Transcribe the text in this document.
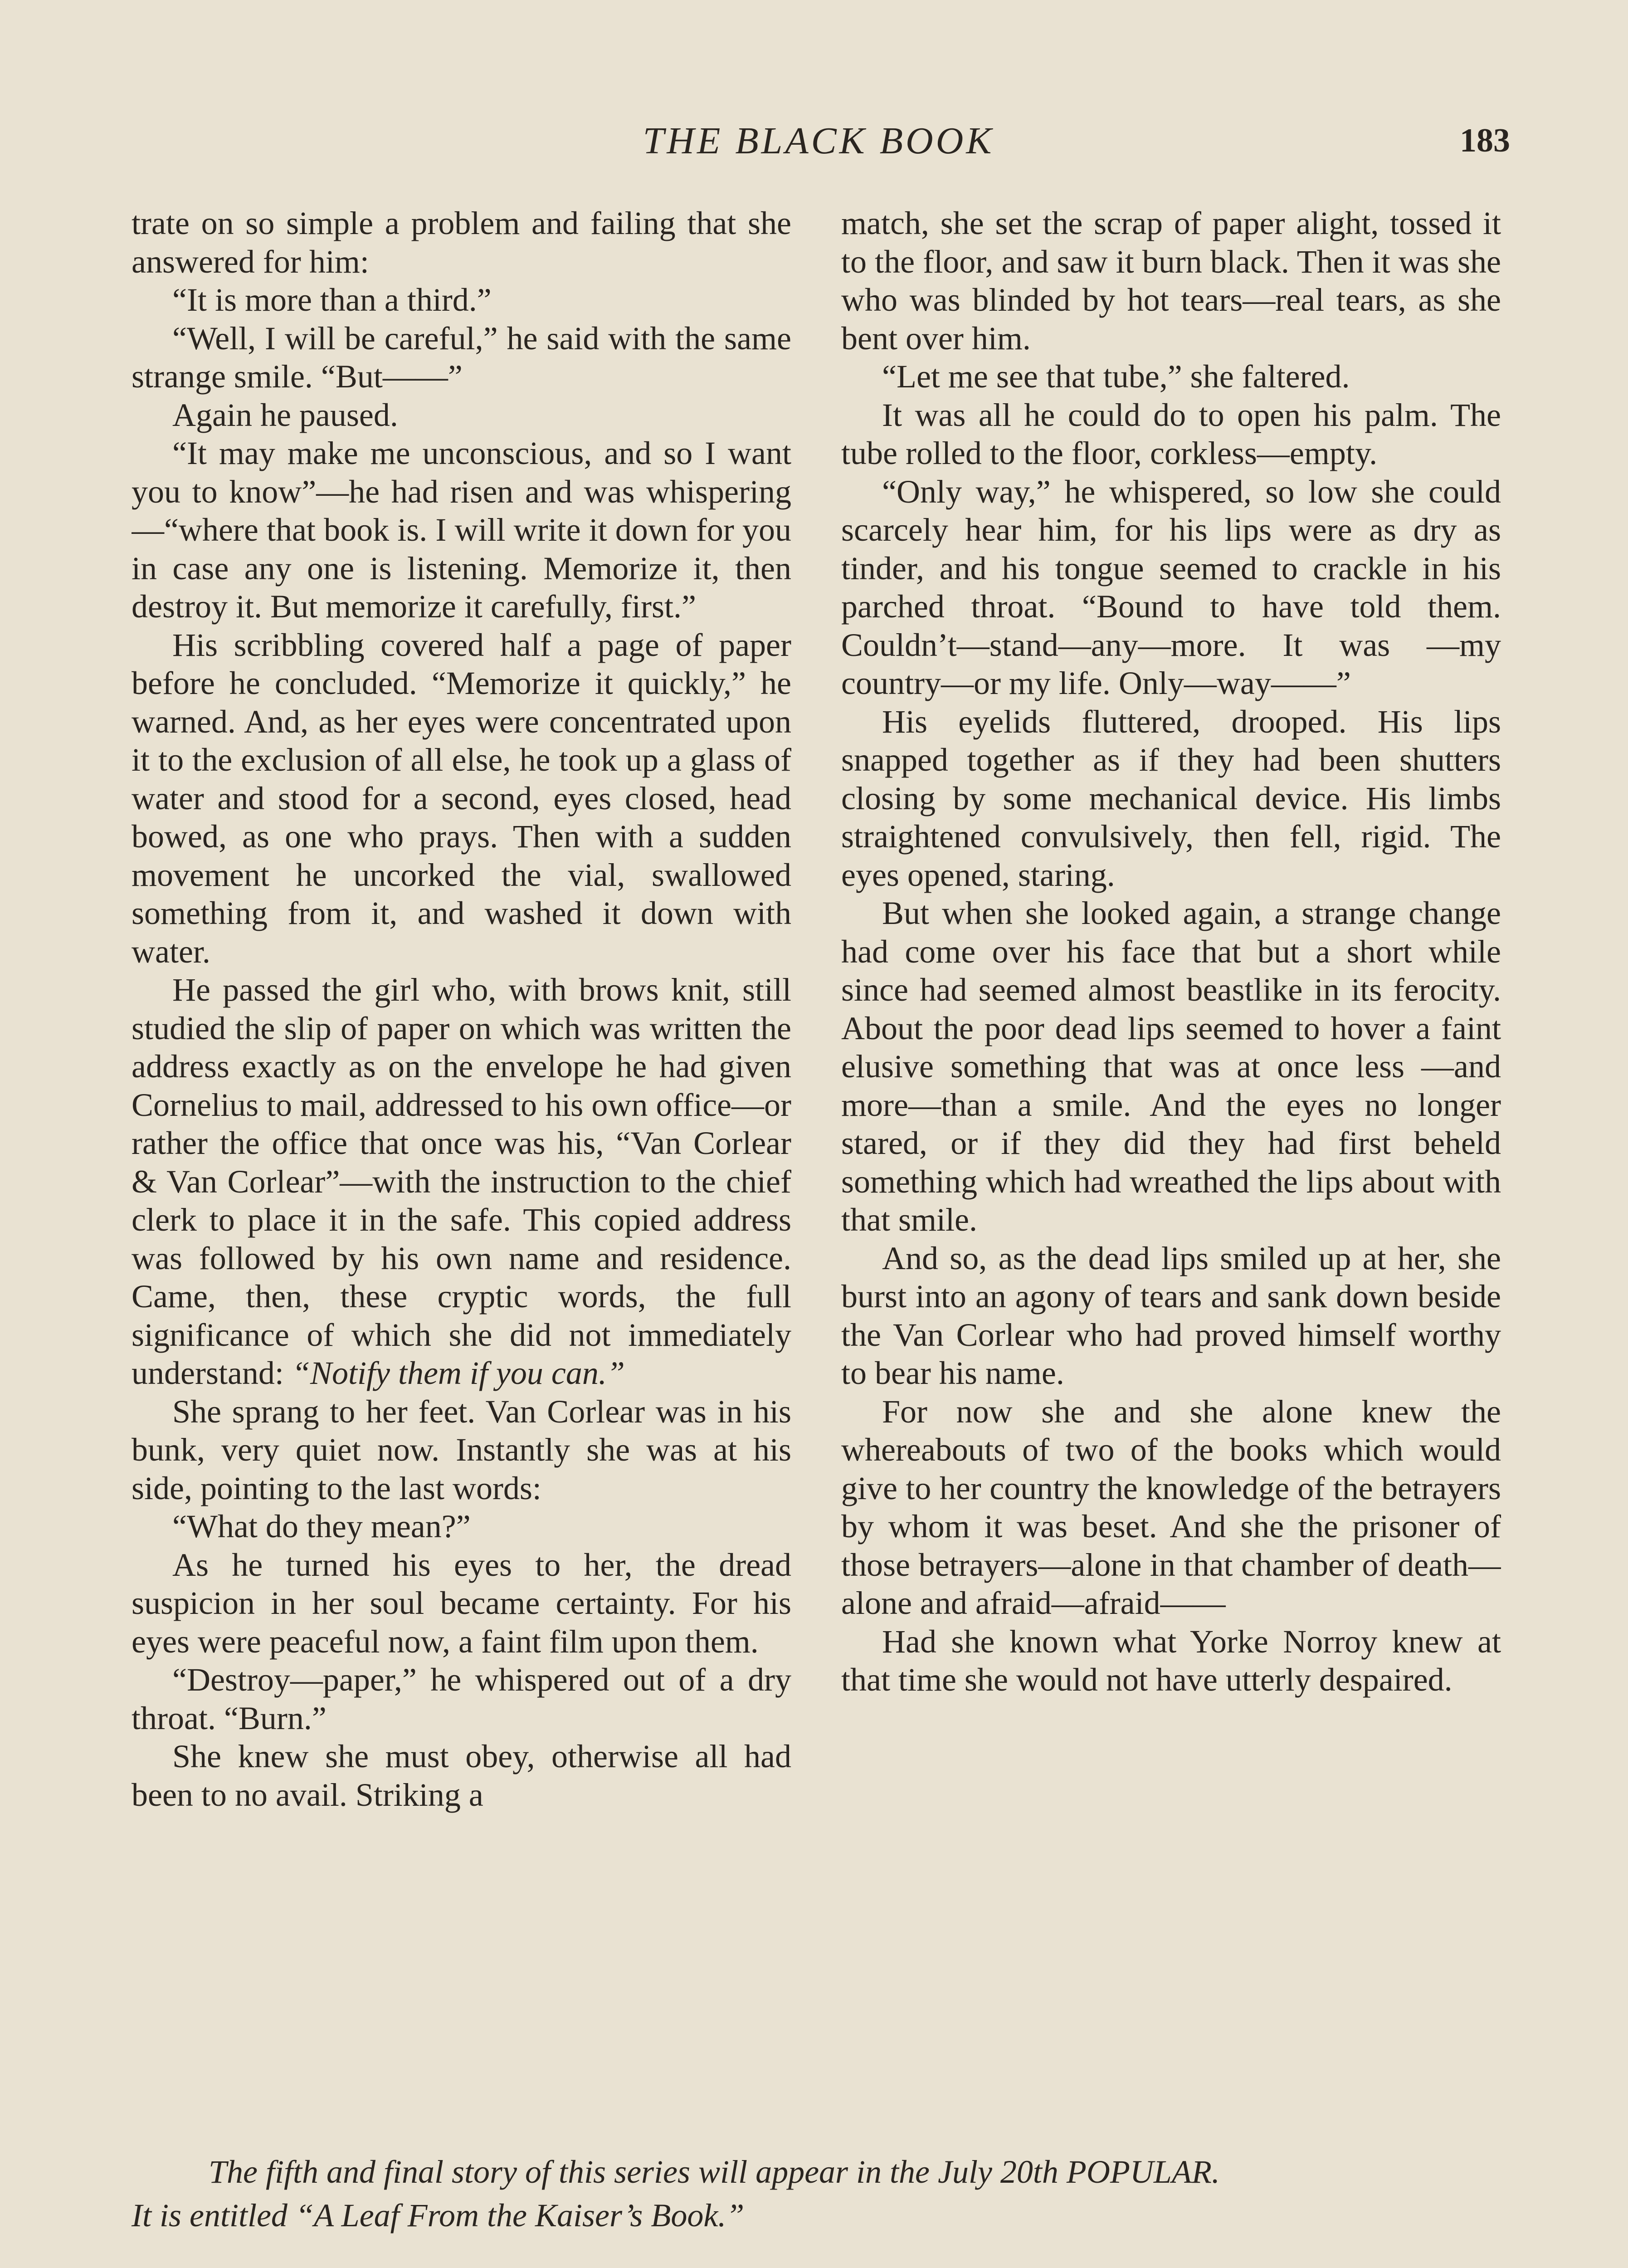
THE BLACK BOOK	183

trate on so simple a problem and failing that she answered for him:

“It is more than a third.”

“Well, I will be careful,” he said with the same strange smile. “But——”

Again he paused.

“It may make me unconscious, and so I want you to know”—he had risen and was whispering—“where that book is. I will write it down for you in case any one is listening. Memorize it, then destroy it. But memorize it carefully, first.”

His scribbling covered half a page of paper before he concluded. “Memorize it quickly,” he warned. And, as her eyes were concentrated upon it to the exclusion of all else, he took up a glass of water and stood for a second, eyes closed, head bowed, as one who prays. Then with a sudden movement he uncorked the vial, swallowed something from it, and washed it down with water.

He passed the girl who, with brows knit, still studied the slip of paper on which was written the address exactly as on the envelope he had given Cornelius to mail, addressed to his own office—or rather the office that once was his, “Van Corlear & Van Corlear”—with the instruction to the chief clerk to place it in the safe. This copied address was followed by his own name and residence. Came, then, these cryptic words, the full significance of which she did not immediately understand: “Notify them if you can.”

She sprang to her feet. Van Corlear was in his bunk, very quiet now. Instantly she was at his side, pointing to the last words:

“What do they mean?”

As he turned his eyes to her, the dread suspicion in her soul became certainty. For his eyes were peaceful now, a faint film upon them.

“Destroy—paper,” he whispered out of a dry throat. “Burn.”

She knew she must obey, otherwise all had been to no avail. Striking a

match, she set the scrap of paper alight, tossed it to the floor, and saw it burn black. Then it was she who was blinded by hot tears—real tears, as she bent over him.

“Let me see that tube,” she faltered.

It was all he could do to open his palm. The tube rolled to the floor, corkless—empty.

“Only way,” he whispered, so low she could scarcely hear him, for his lips were as dry as tinder, and his tongue seemed to crackle in his parched throat. “Bound to have told them. Couldn’t—stand—any—more. It was —my country—or my life. Only—way——”

His eyelids fluttered, drooped. His lips snapped together as if they had been shutters closing by some mechanical device. His limbs straightened convulsively, then fell, rigid. The eyes opened, staring.

But when she looked again, a strange change had come over his face that but a short while since had seemed almost beastlike in its ferocity. About the poor dead lips seemed to hover a faint elusive something that was at once less —and more—than a smile. And the eyes no longer stared, or if they did they had first beheld something which had wreathed the lips about with that smile.

And so, as the dead lips smiled up at her, she burst into an agony of tears and sank down beside the Van Corlear who had proved himself worthy to bear his name.

For now she and she alone knew the whereabouts of two of the books which would give to her country the knowledge of the betrayers by whom it was beset. And she the prisoner of those betrayers—alone in that chamber of death—alone and afraid—afraid——

Had she known what Yorke Norroy knew at that time she would not have utterly despaired.

The fifth and final story of this series will appear in the July 20th POPULAR.

It is entitled “A Leaf From the Kaiser’s Book.”
